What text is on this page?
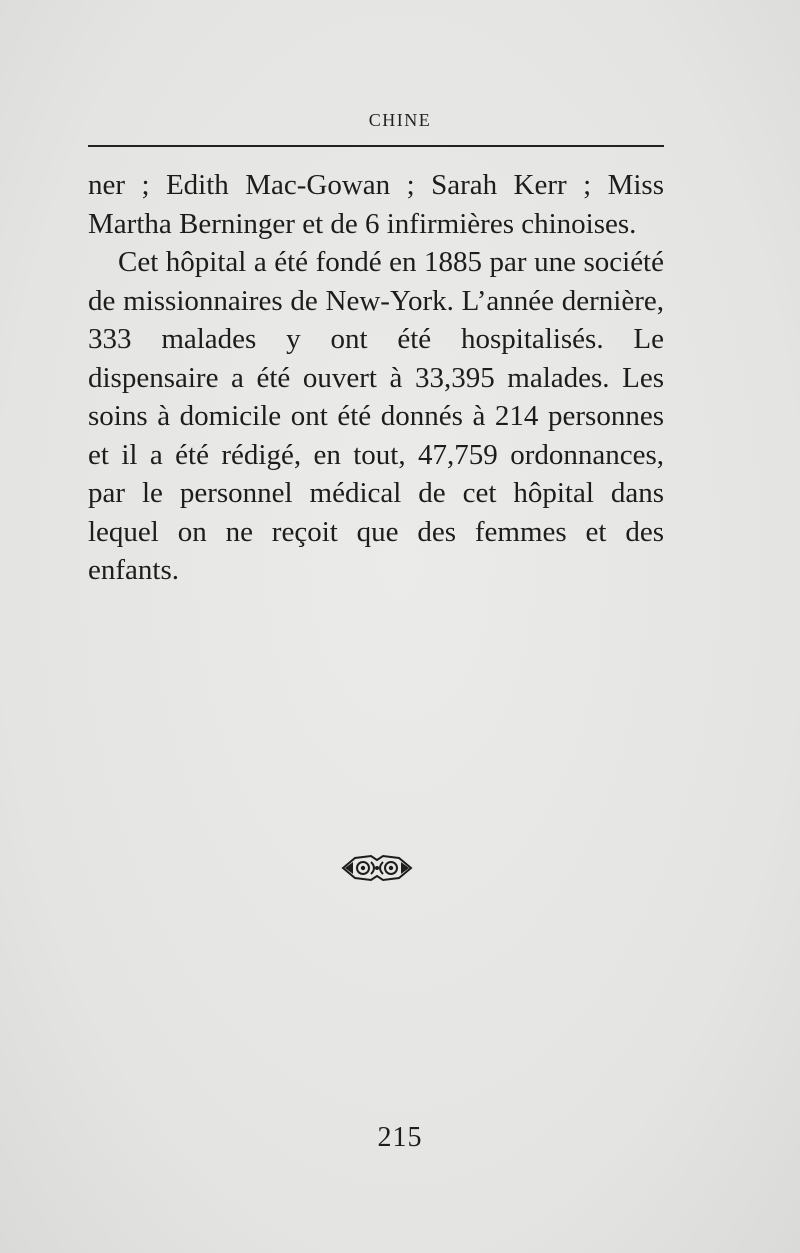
CHINE

ner ; Edith Mac-Gowan ; Sarah Kerr ; Miss Martha Berninger et de 6 infirmières chinoises.

Cet hôpital a été fondé en 1885 par une société de missionnaires de New-York. L’année dernière, 333 malades y ont été hospitalisés. Le dispensaire a été ouvert à 33,395 malades. Les soins à domicile ont été donnés à 214 personnes et il a été rédigé, en tout, 47,759 ordonnances, par le personnel médical de cet hôpital dans lequel on ne reçoit que des femmes et des enfants.

215
